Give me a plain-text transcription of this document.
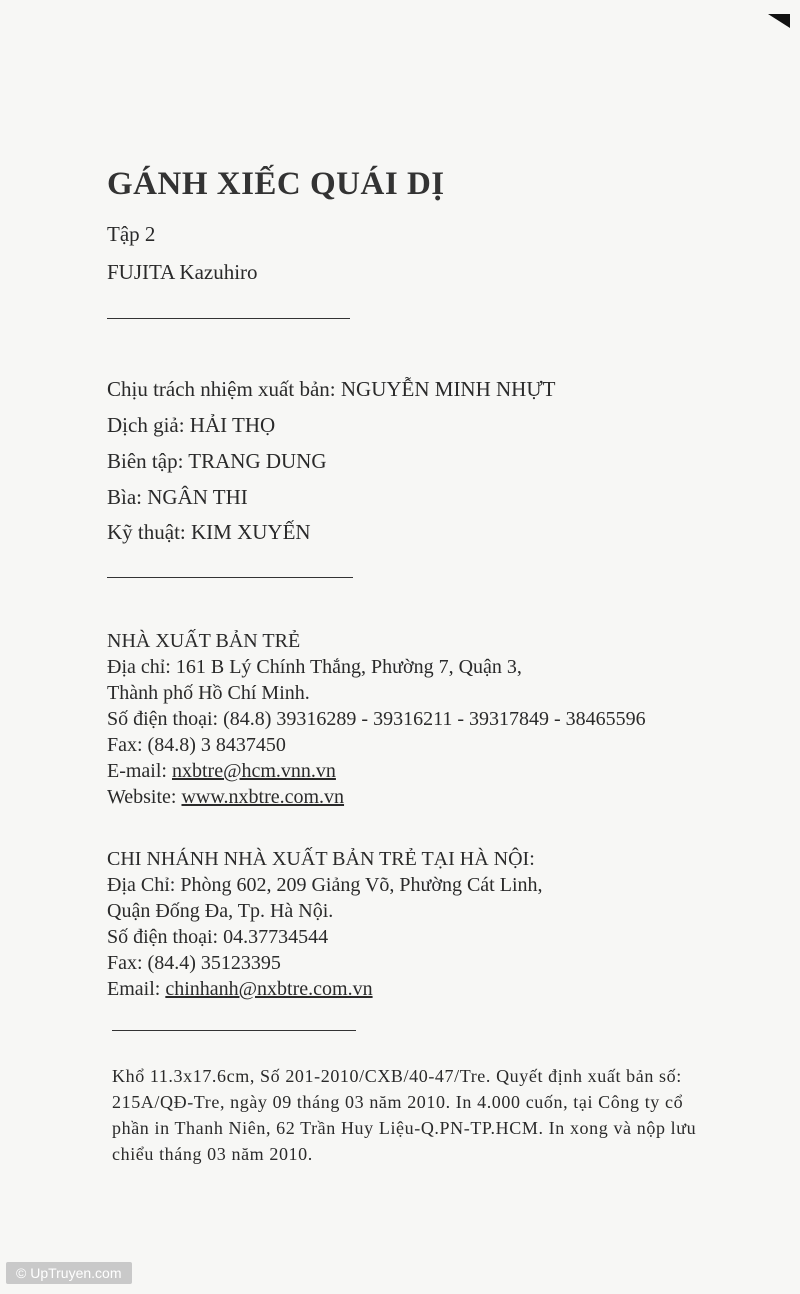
GÁNH XIẾC QUÁI DỊ
Tập 2
FUJITA Kazuhiro
Chịu trách nhiệm xuất bản: NGUYỄN MINH NHỰT
Dịch giả: HẢI THỌ
Biên tập: TRANG DUNG
Bìa: NGÂN THI
Kỹ thuật: KIM XUYẾN
NHÀ XUẤT BẢN TRẺ
Địa chỉ: 161 B Lý Chính Thắng, Phường 7, Quận 3,
Thành phố Hồ Chí Minh.
Số điện thoại: (84.8) 39316289 - 39316211 - 39317849 - 38465596
Fax: (84.8) 3 8437450
E-mail: nxbtre@hcm.vnn.vn
Website: www.nxbtre.com.vn
CHI NHÁNH NHÀ XUẤT BẢN TRẺ TẠI HÀ NỘI:
Địa Chỉ: Phòng 602, 209 Giảng Võ, Phường Cát Linh,
Quận Đống Đa, Tp. Hà Nội.
Số điện thoại: 04.37734544
Fax: (84.4) 35123395
Email: chinhanh@nxbtre.com.vn
Khổ 11.3x17.6cm, Số 201-2010/CXB/40-47/Tre. Quyết định xuất bản số: 215A/QĐ-Tre, ngày 09 tháng 03 năm 2010. In 4.000 cuốn, tại Công ty cổ phần in Thanh Niên, 62 Trần Huy Liệu-Q.PN-TP.HCM. In xong và nộp lưu chiểu tháng 03 năm 2010.
© UpTruyen.com
